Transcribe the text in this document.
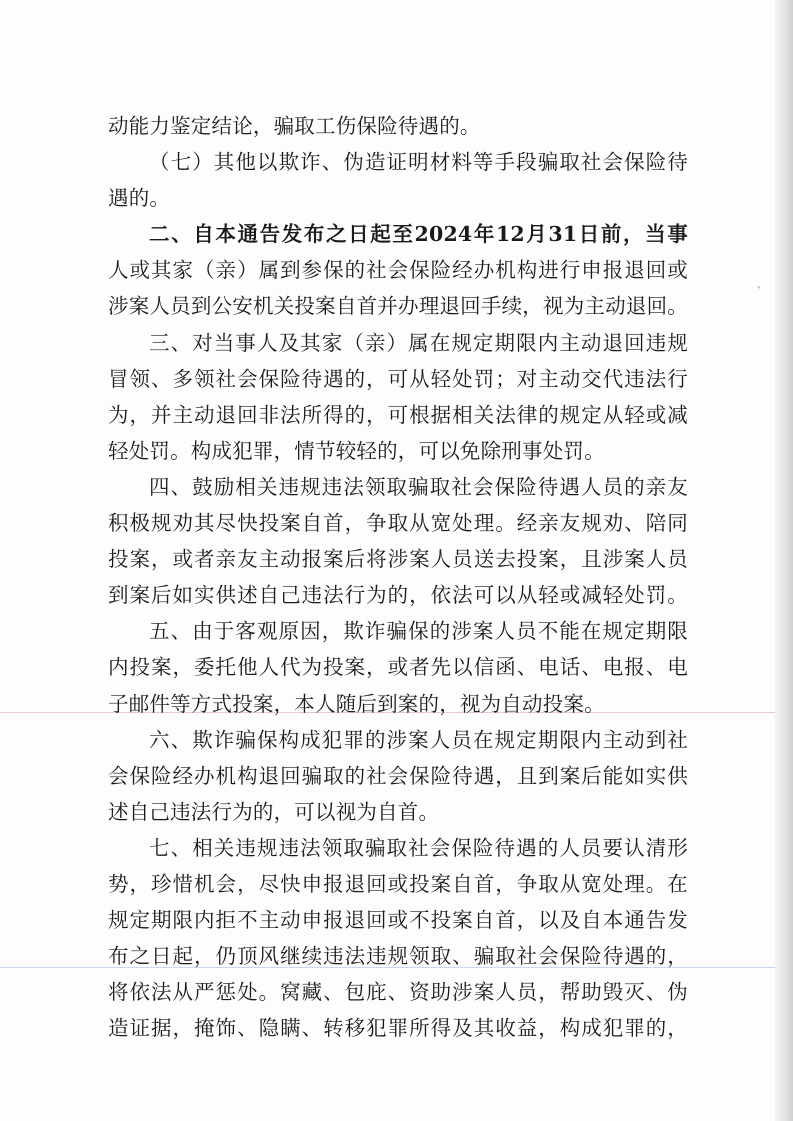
、
动能力鉴定结论，骗取工伤保险待遇的。
（七）其他以欺诈、伪造证明材料等手段骗取社会保险待
遇的。
二、自本通告发布之日起至2024年12月31日前，当事
人或其家（亲）属到参保的社会保险经办机构进行申报退回或
涉案人员到公安机关投案自首并办理退回手续，视为主动退回。
三、对当事人及其家（亲）属在规定期限内主动退回违规
冒领、多领社会保险待遇的，可从轻处罚；对主动交代违法行
为，并主动退回非法所得的，可根据相关法律的规定从轻或减
轻处罚。构成犯罪，情节较轻的，可以免除刑事处罚。
四、鼓励相关违规违法领取骗取社会保险待遇人员的亲友
积极规劝其尽快投案自首，争取从宽处理。经亲友规劝、陪同
投案，或者亲友主动报案后将涉案人员送去投案，且涉案人员
到案后如实供述自己违法行为的，依法可以从轻或减轻处罚。
五、由于客观原因，欺诈骗保的涉案人员不能在规定期限
内投案，委托他人代为投案，或者先以信函、电话、电报、电
子邮件等方式投案，本人随后到案的，视为自动投案。
六、欺诈骗保构成犯罪的涉案人员在规定期限内主动到社
会保险经办机构退回骗取的社会保险待遇，且到案后能如实供
述自己违法行为的，可以视为自首。
七、相关违规违法领取骗取社会保险待遇的人员要认清形
势，珍惜机会，尽快申报退回或投案自首，争取从宽处理。在
规定期限内拒不主动申报退回或不投案自首，以及自本通告发
布之日起，仍顶风继续违法违规领取、骗取社会保险待遇的，
将依法从严惩处。窝藏、包庇、资助涉案人员，帮助毁灭、伪
造证据，掩饰、隐瞒、转移犯罪所得及其收益，构成犯罪的，
